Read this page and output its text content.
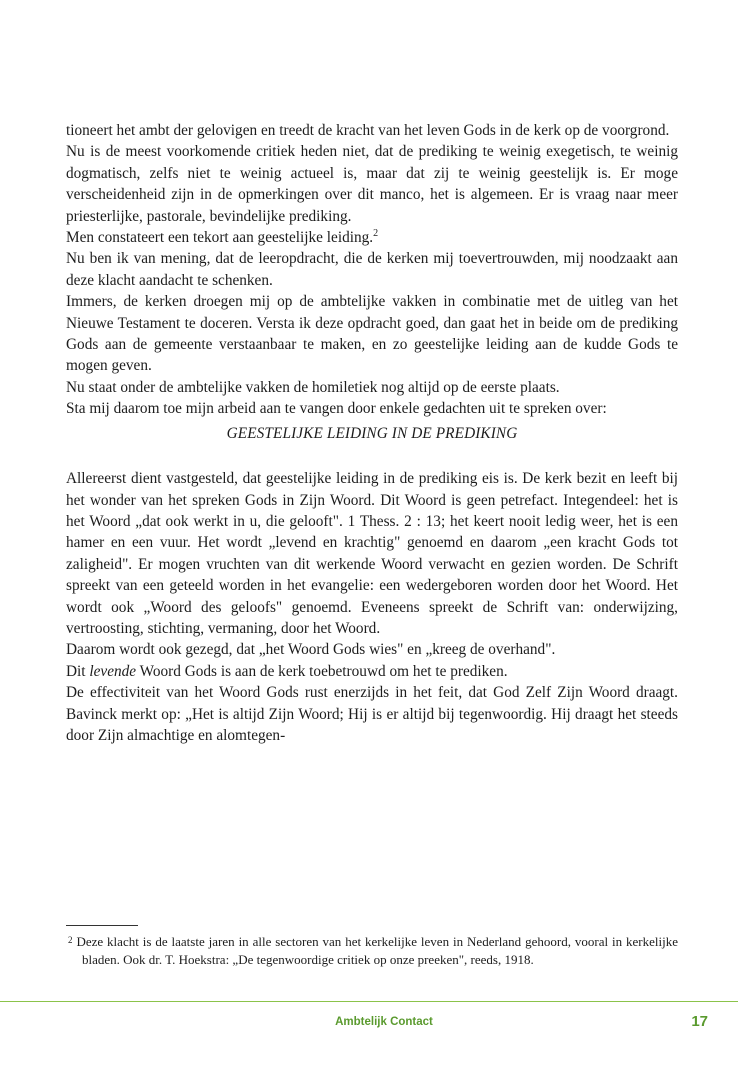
tioneert het ambt der gelovigen en treedt de kracht van het leven Gods in de kerk op de voorgrond.

Nu is de meest voorkomende critiek heden niet, dat de prediking te weinig exegetisch, te weinig dogmatisch, zelfs niet te weinig actueel is, maar dat zij te weinig geestelijk is. Er moge verscheidenheid zijn in de opmerkingen over dit manco, het is algemeen. Er is vraag naar meer priesterlijke, pastorale, bevindelijke prediking.

Men constateert een tekort aan geestelijke leiding.$^2$

Nu ben ik van mening, dat de leeropdracht, die de kerken mij toevertrouwden, mij noodzaakt aan deze klacht aandacht te schenken.

Immers, de kerken droegen mij op de ambtelijke vakken in combinatie met de uitleg van het Nieuwe Testament te doceren. Versta ik deze opdracht goed, dan gaat het in beide om de prediking Gods aan de gemeente verstaanbaar te maken, en zo geestelijke leiding aan de kudde Gods te mogen geven.

Nu staat onder de ambtelijke vakken de homiletiek nog altijd op de eerste plaats.

Sta mij daarom toe mijn arbeid aan te vangen door enkele gedachten uit te spreken over:

GEESTELIJKE LEIDING IN DE PREDIKING

Allereerst dient vastgesteld, dat geestelijke leiding in de prediking eis is. De kerk bezit en leeft bij het wonder van het spreken Gods in Zijn Woord. Dit Woord is geen petrefact. Integendeel: het is het Woord „dat ook werkt in u, die gelooft". 1 Thess. 2 : 13; het keert nooit ledig weer, het is een hamer en een vuur. Het wordt „levend en krachtig" genoemd en daarom „een kracht Gods tot zaligheid". Er mogen vruchten van dit werkende Woord verwacht en gezien worden. De Schrift spreekt van een geteeld worden in het evangelie: een wedergeboren worden door het Woord. Het wordt ook „Woord des geloofs" genoemd. Eveneens spreekt de Schrift van: onderwijzing, vertroosting, stichting, vermaning, door het Woord.

Daarom wordt ook gezegd, dat „het Woord Gods wies" en „kreeg de overhand".

Dit levende Woord Gods is aan de kerk toebetrouwd om het te prediken.

De effectiviteit van het Woord Gods rust enerzijds in het feit, dat God Zelf Zijn Woord draagt. Bavinck merkt op: „Het is altijd Zijn Woord; Hij is er altijd bij tegenwoordig. Hij draagt het steeds door Zijn almachtige en alomtegen-

$^2$ Deze klacht is de laatste jaren in alle sectoren van het kerkelijke leven in Nederland gehoord, vooral in kerkelijke bladen. Ook dr. T. Hoekstra: „De tegenwoordige critiek op onze preeken", reeds, 1918.
Ambtelijk Contact	17
